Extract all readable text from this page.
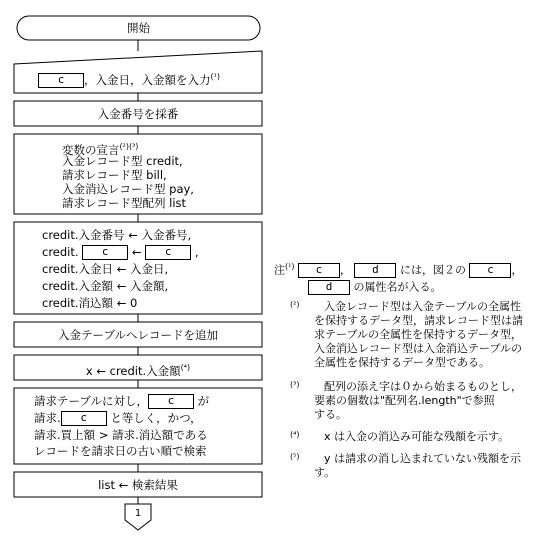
開始
c ，入金日，入金額を入力$^{(^1)}$
入金番号を採番
変数の宣言$^{(^2)(^3)}$
入金レコード型 credit,
請求レコード型 bill,
入金消込レコード型 pay,
請求レコード型配列 list
credit.入金番号 ← 入金番号,
credit. c ← c ,
credit.入金日 ← 入金日,
credit.入金額 ← 入金額,
credit.消込額 ← 0
入金テーブルへレコードを追加
x ← credit.入金額$^{(^4)}$
請求テーブルに対し， c が
請求. c と等しく，かつ，
請求.買上額 > 請求.消込額である
レコードを請求日の古い順で検索
list ← 検索結果
1
注$^{(^1)}$ c ， d には，図２の c ，
d の属性名が入る。
(²) 入金レコード型は入金テーブルの全属性
を保持するデータ型，請求レコード型は請
求テーブルの全属性を保持するデータ型，
入金消込レコード型は入金消込テーブルの
全属性を保持するデータ型である。
(³) 配列の添え字は０から始まるものとし，
要素の個数は"配列名.length"で参照
する。
(⁴) x は入金の消込み可能な残額を示す。
(⁵) y は請求の消し込まれていない残額を示
す。
